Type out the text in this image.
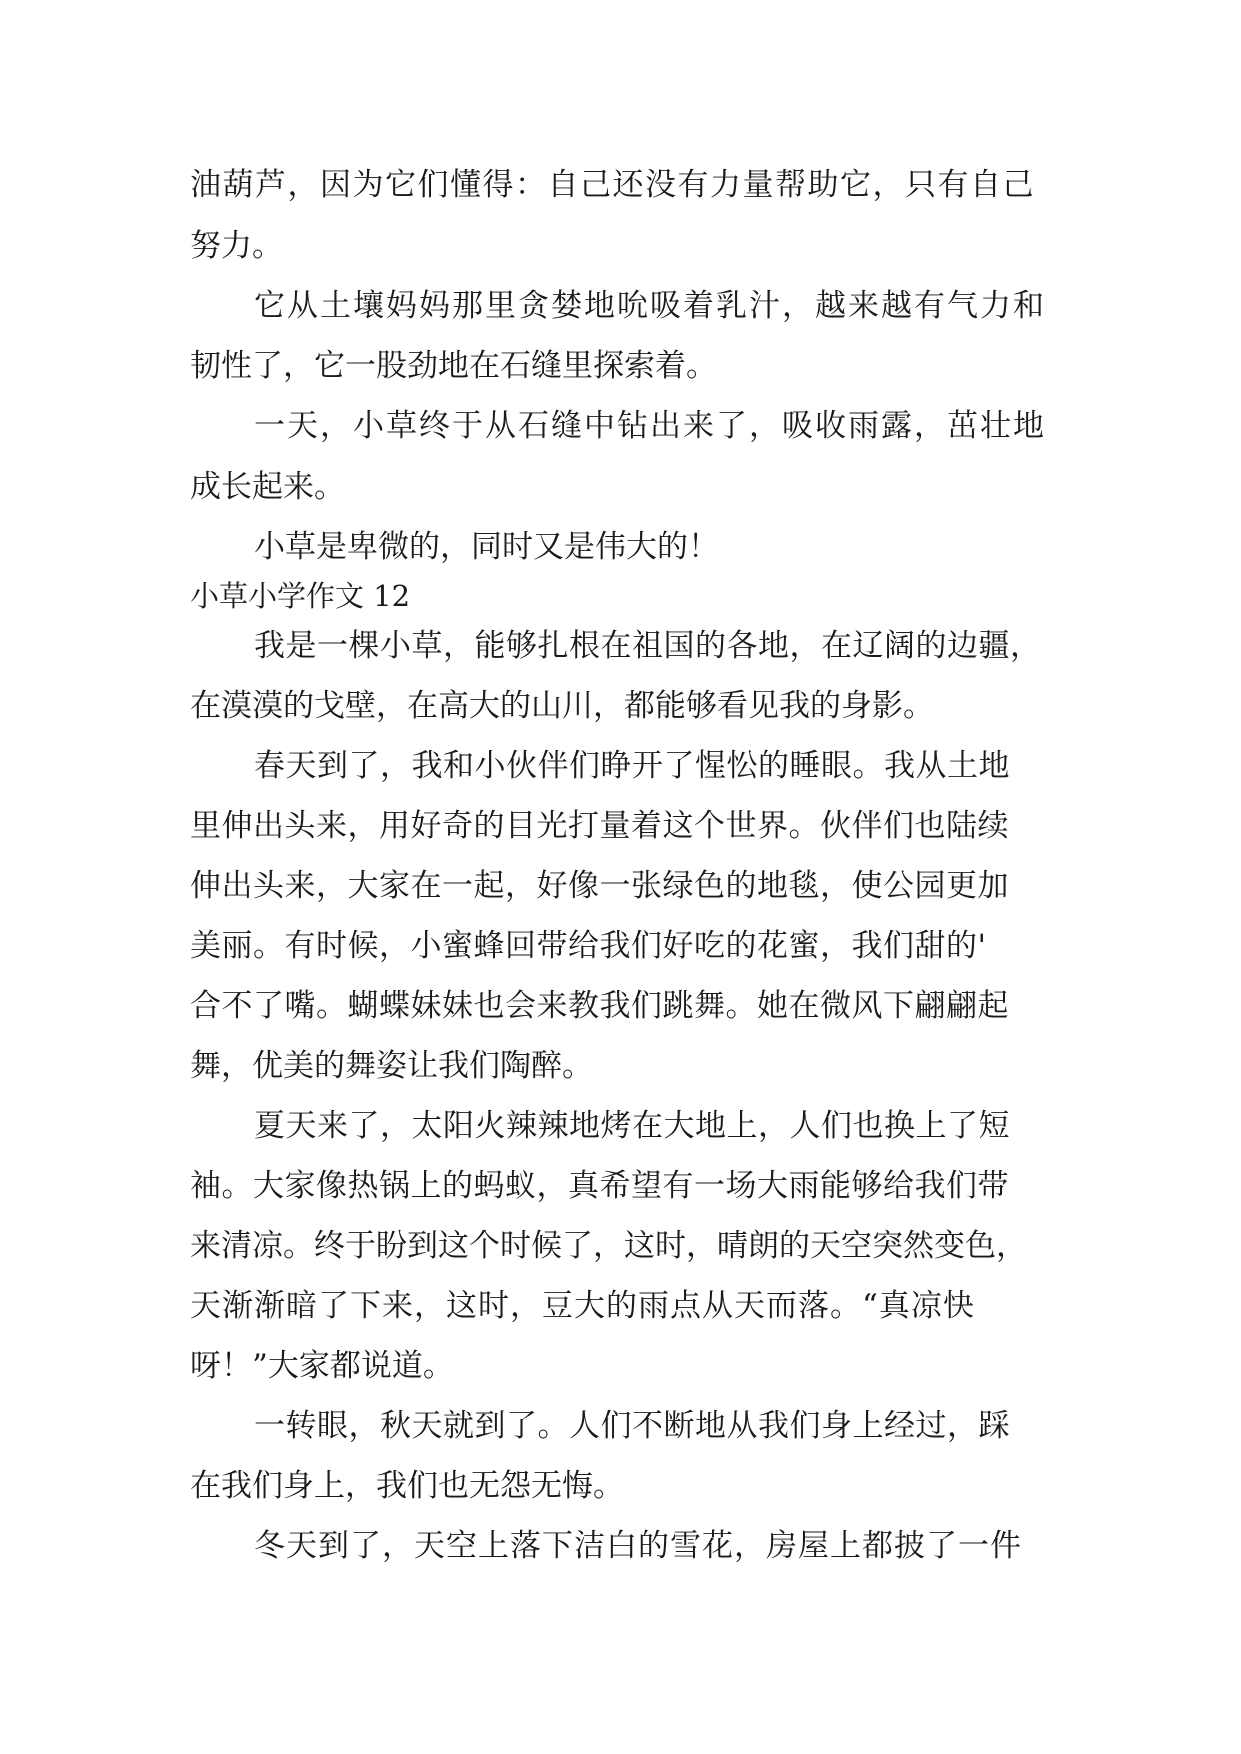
油葫芦，因为它们懂得：自己还没有力量帮助它，只有自己
努力。
它从土壤妈妈那里贪婪地吮吸着乳汁，越来越有气力和
韧性了，它一股劲地在石缝里探索着。
一天，小草终于从石缝中钻出来了，吸收雨露，茁壮地
成长起来。
小草是卑微的，同时又是伟大的！
小草小学作文 12
我是一棵小草，能够扎根在祖国的各地，在辽阔的边疆，
在漠漠的戈壁，在高大的山川，都能够看见我的身影。
春天到了，我和小伙伴们睁开了惺忪的睡眼。我从土地
里伸出头来，用好奇的目光打量着这个世界。伙伴们也陆续
伸出头来，大家在一起，好像一张绿色的地毯，使公园更加
美丽。有时候，小蜜蜂回带给我们好吃的花蜜，我们甜的'
合不了嘴。蝴蝶妹妹也会来教我们跳舞。她在微风下翩翩起
舞，优美的舞姿让我们陶醉。
夏天来了，太阳火辣辣地烤在大地上，人们也换上了短
袖。大家像热锅上的蚂蚁，真希望有一场大雨能够给我们带
来清凉。终于盼到这个时候了，这时，晴朗的天空突然变色，
天渐渐暗了下来，这时，豆大的雨点从天而落。“真凉快
呀！”大家都说道。
一转眼，秋天就到了。人们不断地从我们身上经过，踩
在我们身上，我们也无怨无悔。
冬天到了，天空上落下洁白的雪花，房屋上都披了一件
